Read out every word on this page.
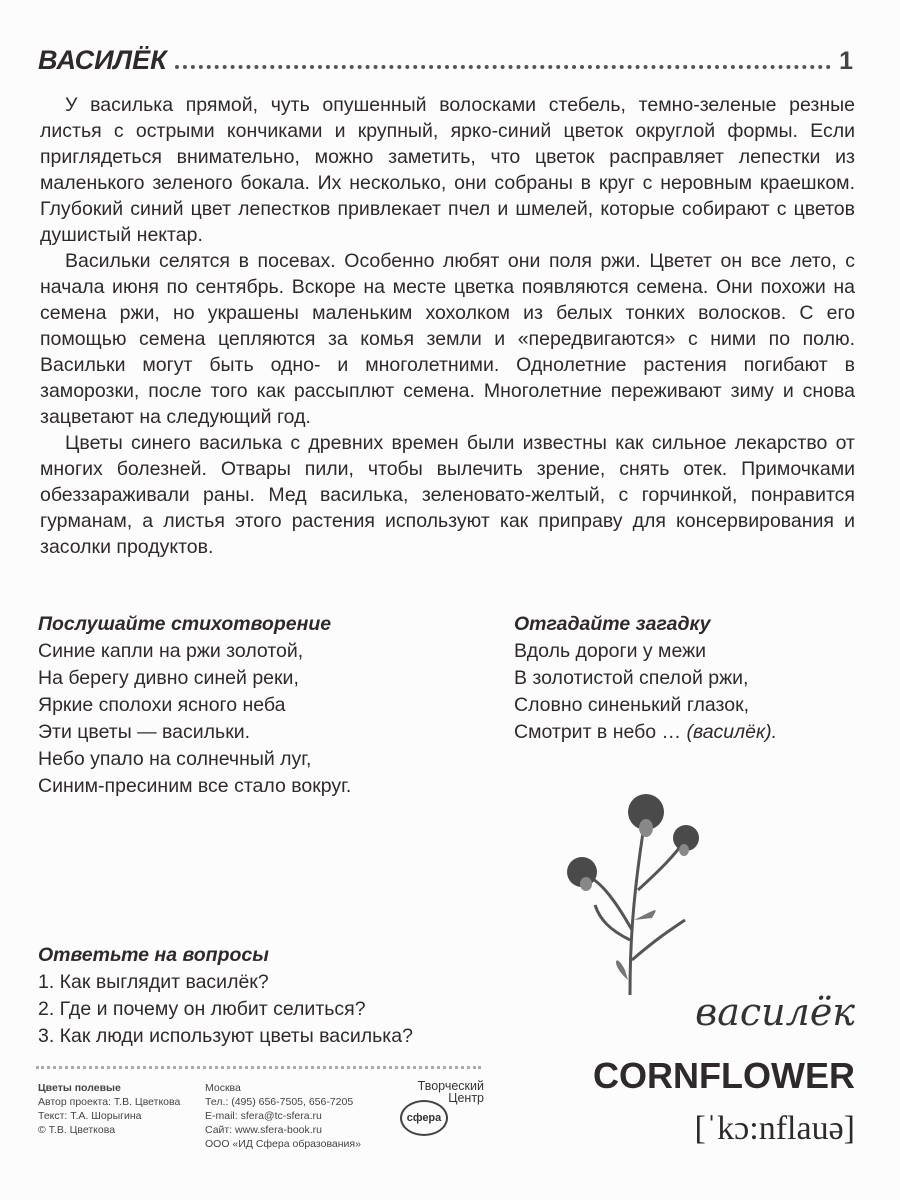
ВАСИЛЁК	1

У василька прямой, чуть опушенный волосками стебель, темно-зеленые резные листья с острыми кончиками и крупный, ярко-синий цветок округлой формы. Если приглядеться внимательно, можно заметить, что цветок расправляет лепестки из маленького зеленого бокала. Их несколько, они собраны в круг с неровным краешком. Глубокий синий цвет лепестков привлекает пчел и шмелей, которые собирают с цветов душистый нектар.

Васильки селятся в посевах. Особенно любят они поля ржи. Цветет он все лето, с начала июня по сентябрь. Вскоре на месте цветка появляются семена. Они похожи на семена ржи, но украшены маленьким хохолком из белых тонких волосков. С его помощью семена цепляются за комья земли и «передвигаются» с ними по полю. Васильки могут быть одно- и многолетними. Однолетние растения погибают в заморозки, после того как рассыплют семена. Многолетние переживают зиму и снова зацветают на следующий год.

Цветы синего василька с древних времен были известны как сильное лекарство от многих болезней. Отвары пили, чтобы вылечить зрение, снять отек. Примочками обеззараживали раны. Мед василька, зеленовато-желтый, с горчинкой, понравится гурманам, а листья этого растения используют как приправу для консервирования и засолки продуктов.

Послушайте стихотворение
Синие капли на ржи золотой,
На берегу дивно синей реки,
Яркие сполохи ясного неба
Эти цветы — васильки.
Небо упало на солнечный луг,
Синим-пресиним все стало вокруг.
Отгадайте загадку
Вдоль дороги у межи
В золотистой спелой ржи,
Словно синенький глазок,
Смотрит в небо … (василёк).
Ответьте на вопросы
1. Как выглядит василёк?
2. Где и почему он любит селиться?
3. Как люди используют цветы василька?
василёк
CORNFLOWER
[ˈkɔ:nflauə]
Цветы полевые
Автор проекта: Т.В. Цветкова
Текст: Т.А. Шорыгина
© Т.В. Цветкова
Москва
Тел.: (495) 656-7505, 656-7205
E-mail: sfera@tc-sfera.ru
Сайт: www.sfera-book.ru
ООО «ИД Сфера образования»
Творческий
Центр
сфера
